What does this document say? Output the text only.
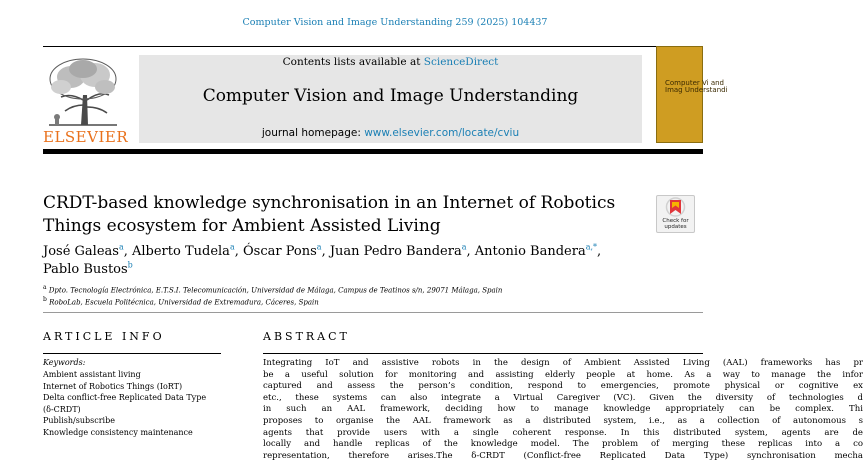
Computer Vision and Image Understanding 259 (2025) 104437
ELSEVIER
Contents lists available at ScienceDirect
Computer Vision and Image Understanding
journal homepage: www.elsevier.com/locate/cviu
Computer Vi and Imag Understandi
CRDT-based knowledge synchronisation in an Internet of Robotics Things ecosystem for Ambient Assisted Living	Check for
updates
José Galeas$^a$, Alberto Tudela$^a$, Óscar Pons$^a$, Juan Pedro Bandera$^a$, Antonio Bandera$^{a,*}$,
Pablo Bustos$^b$
$^a$ Dpto. Tecnología Electrónica, E.T.S.I. Telecomunicación, Universidad de Málaga, Campus de Teatinos s/n, 29071 Málaga, Spain
$^b$ RoboLab, Escuela Politécnica, Universidad de Extremadura, Cáceres, Spain
ARTICLE INFO
Keywords:
Ambient assistant living
Internet of Robotics Things (IoRT)
Delta conflict-free Replicated Data Type
(δ-CRDT)
Publish/subscribe
Knowledge consistency maintenance
ABSTRACT
Integrating IoT and assistive robots in the design of Ambient Assisted Living (AAL) frameworks has pr
be a useful solution for monitoring and assisting elderly people at home. As a way to manage the infor
captured and assess the person’s condition, respond to emergencies, promote physical or cognitive ex
etc., these systems can also integrate a Virtual Caregiver (VC). Given the diversity of technologies d
in such an AAL framework, deciding how to manage knowledge appropriately can be complex. Thi
proposes to organise the AAL framework as a distributed system, i.e., as a collection of autonomous s
agents that provide users with a single coherent response. In this distributed system, agents are de
locally and handle replicas of the knowledge model. The problem of merging these replicas into a co
representation, therefore arises.The δ-CRDT (Conflict-free Replicated Data Type) synchronisation mecha
